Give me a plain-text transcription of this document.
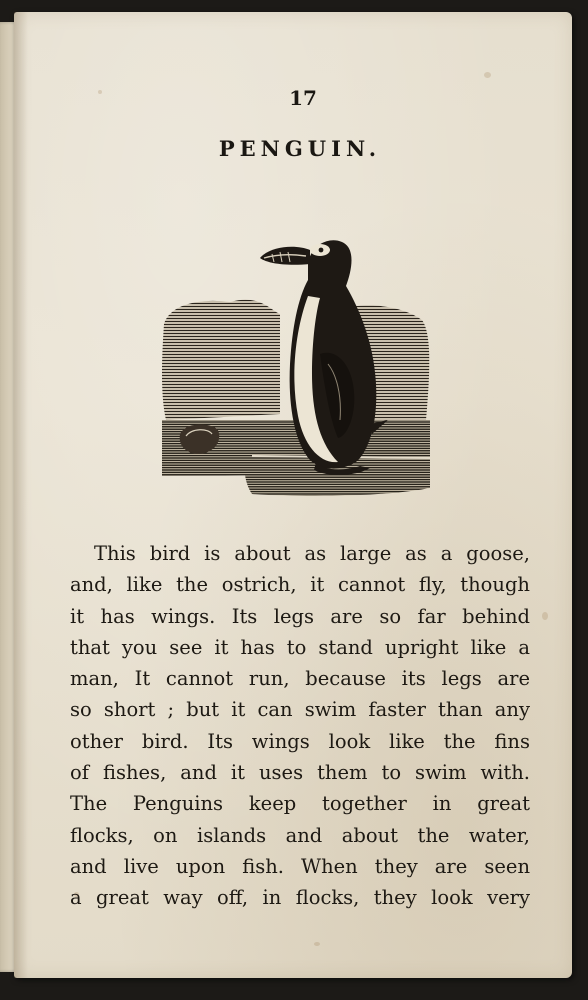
17
PENGUIN.
This bird is about as large as a goose,
and, like the ostrich, it cannot fly, though
it has wings. Its legs are so far behind
that you see it has to stand upright like a
man, It cannot run, because its legs are
so short ; but it can swim faster than any
other bird. Its wings look like the fins
of fishes, and it uses them to swim with.
The Penguins keep together in great
flocks, on islands and about the water,
and live upon fish. When they are seen
a great way off, in flocks, they look very
